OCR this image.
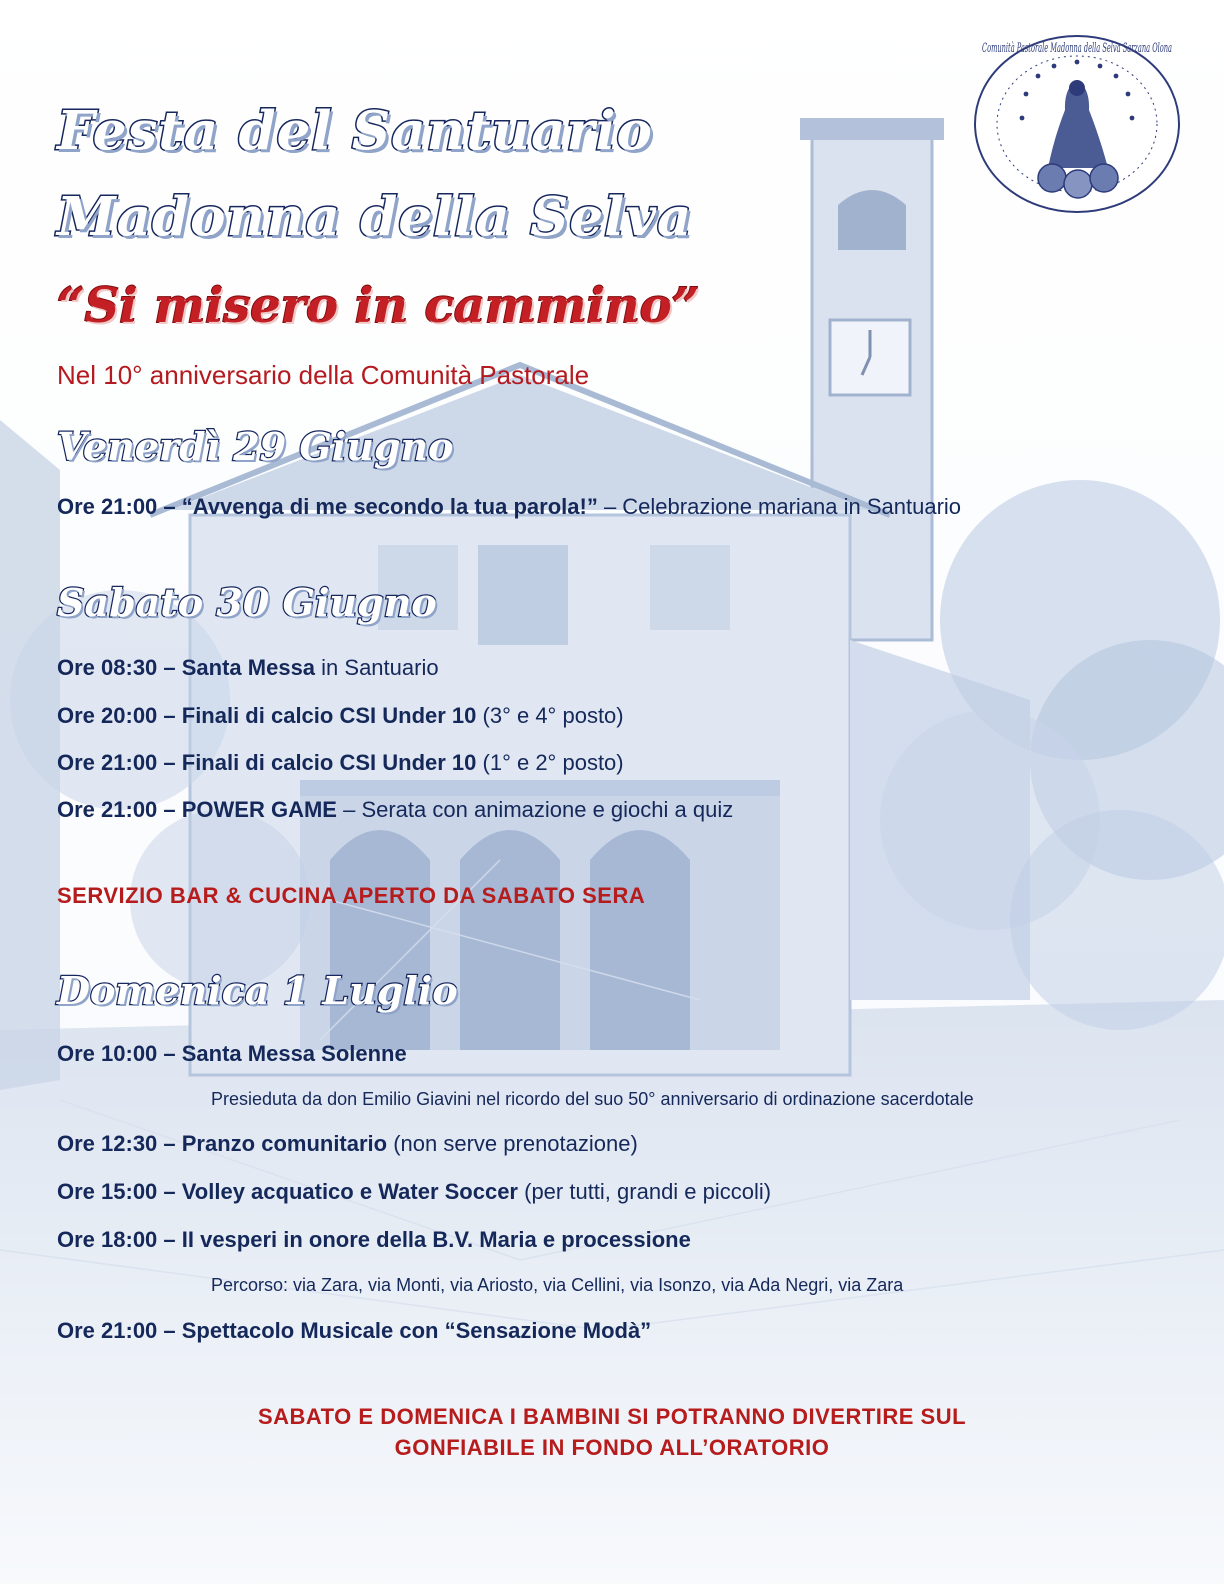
Comunità Pastorale Madonna della Selva Sarzana Olona
Festa del Santuario
Madonna della Selva
“Si misero in cammino”
Nel 10° anniversario della Comunità Pastorale
Venerdì 29 Giugno
Ore 21:00 – “Avvenga di me secondo la tua parola!” – Celebrazione mariana in Santuario
Sabato 30 Giugno
Ore 08:30 – Santa Messa in Santuario
Ore 20:00 – Finali di calcio CSI Under 10 (3° e 4° posto)
Ore 21:00 – Finali di calcio CSI Under 10 (1° e 2° posto)
Ore 21:00 – POWER GAME – Serata con animazione e giochi a quiz
SERVIZIO BAR & CUCINA APERTO DA SABATO SERA
Domenica 1 Luglio
Ore 10:00 – Santa Messa Solenne
Presieduta da don Emilio Giavini nel ricordo del suo 50° anniversario di ordinazione sacerdotale
Ore 12:30 – Pranzo comunitario (non serve prenotazione)
Ore 15:00 – Volley acquatico e Water Soccer (per tutti, grandi e piccoli)
Ore 18:00 – II vesperi in onore della B.V. Maria e processione
Percorso: via Zara, via Monti, via Ariosto, via Cellini, via Isonzo, via Ada Negri, via Zara
Ore 21:00 – Spettacolo Musicale con “Sensazione Modà”
SABATO E DOMENICA I BAMBINI SI POTRANNO DIVERTIRE SUL
GONFIABILE IN FONDO ALL’ORATORIO
